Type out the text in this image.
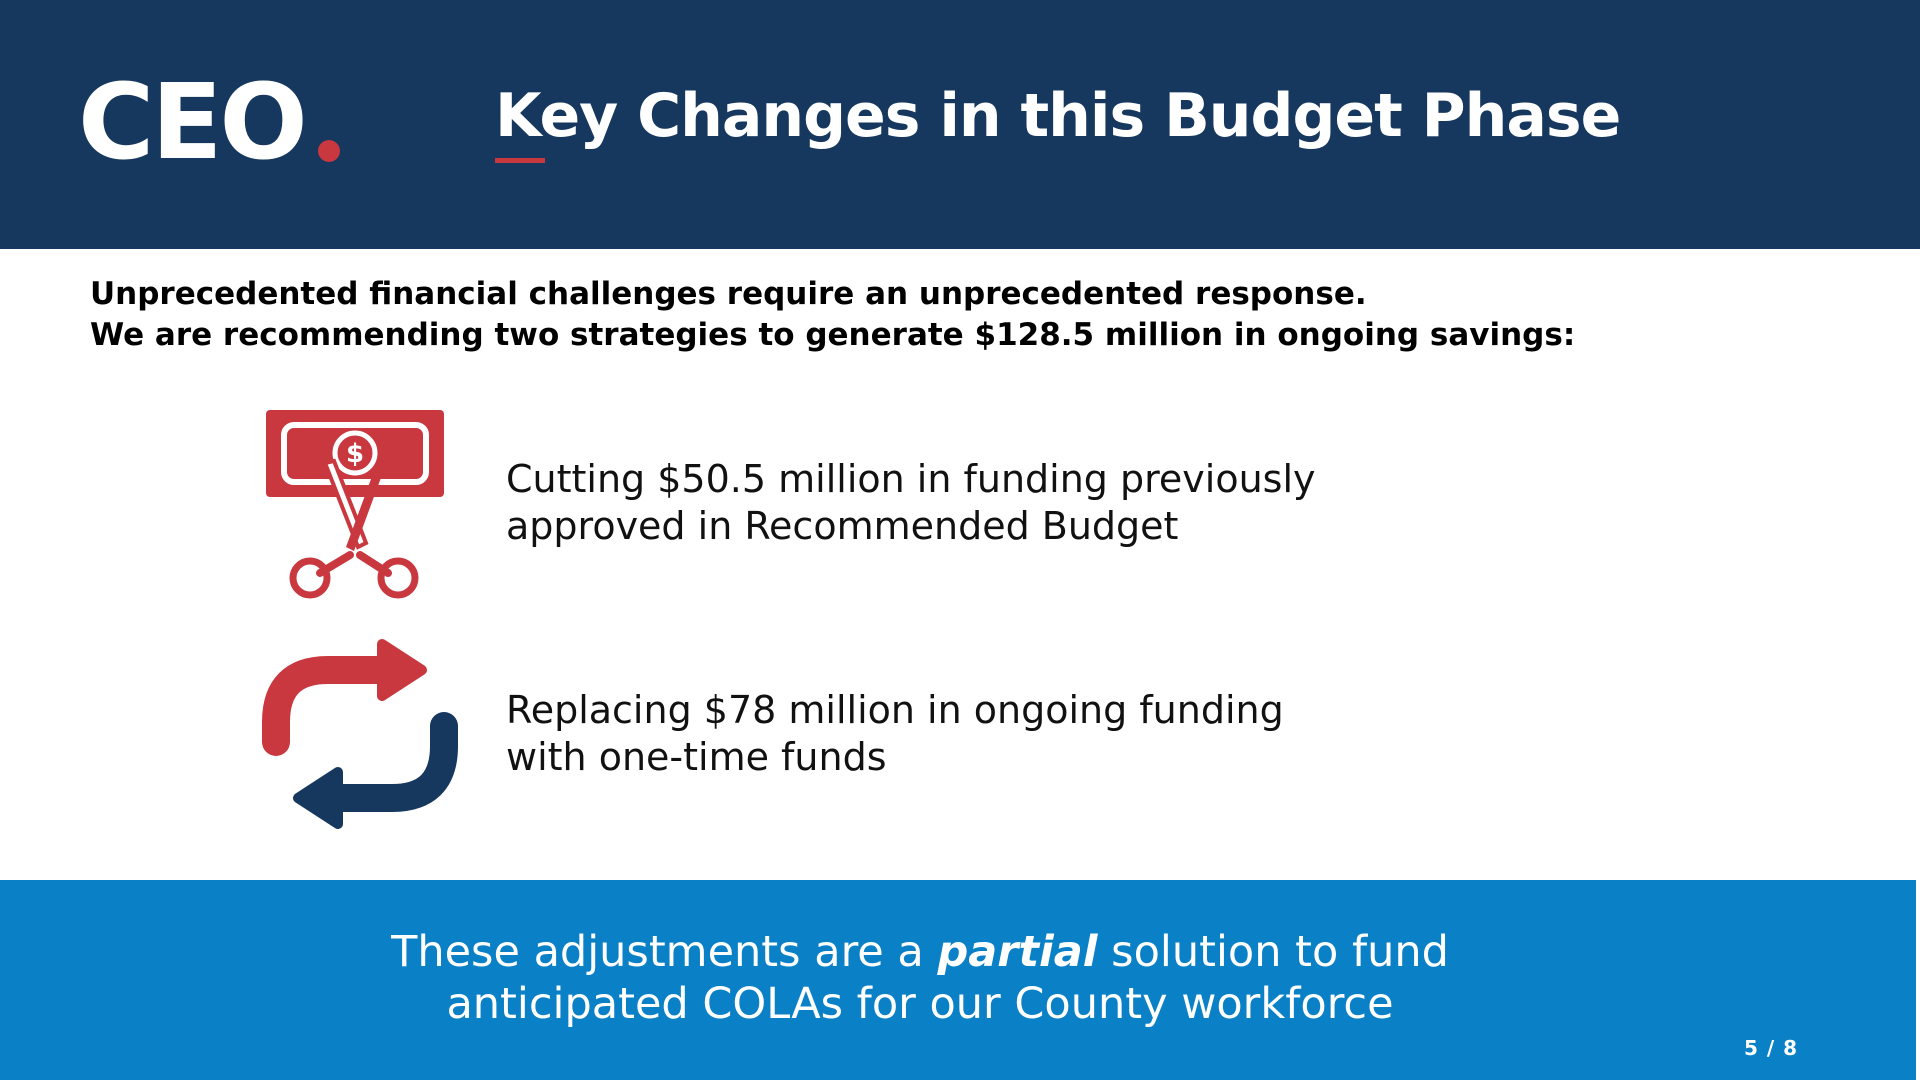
CEO	Key Changes in this Budget Phase
Unprecedented financial challenges require an unprecedented response.
We are recommending two strategies to generate $128.5 million in ongoing savings:
$
Cutting $50.5 million in funding previously
approved in Recommended Budget
Replacing $78 million in ongoing funding
with one-time funds
These adjustments are a partial solution to fund
anticipated COLAs for our County workforce
5 / 8
